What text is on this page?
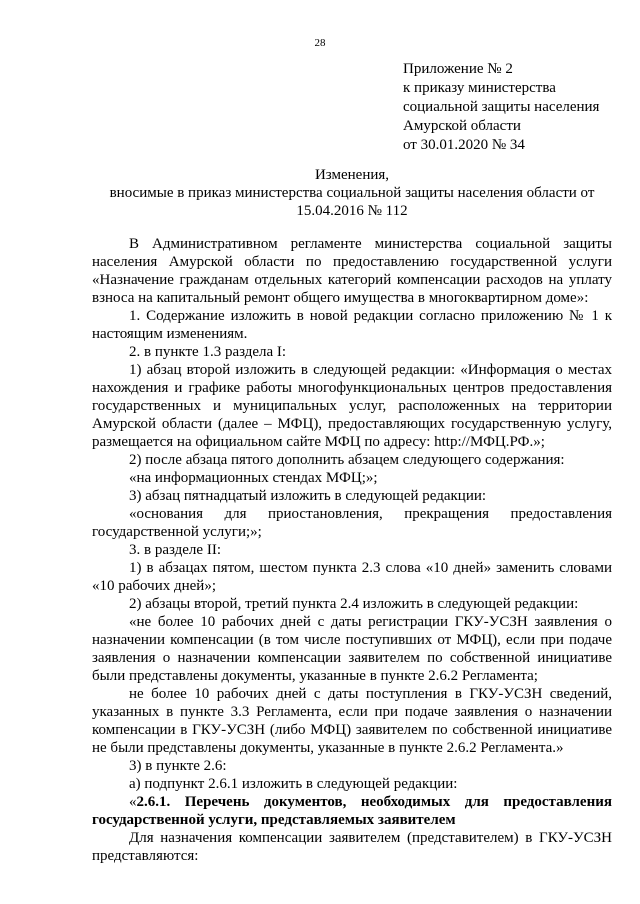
28
Приложение № 2
к приказу министерства
социальной защиты населения
Амурской области
от 30.01.2020 № 34
Изменения,
вносимые в приказ министерства социальной защиты населения области от
15.04.2016 № 112

В Административном регламенте министерства социальной защиты населения Амурской области по предоставлению государственной услуги «Назначение гражданам отдельных категорий компенсации расходов на уплату взноса на капитальный ремонт общего имущества в многоквартирном доме»:

1. Содержание изложить в новой редакции согласно приложению № 1 к настоящим изменениям.

2. в пункте 1.3 раздела I:

1) абзац второй изложить в следующей редакции: «Информация о местах нахождения и графике работы многофункциональных центров предоставления государственных и муниципальных услуг, расположенных на территории Амурской области (далее – МФЦ), предоставляющих государственную услугу, размещается на официальном сайте МФЦ по адресу: http://МФЦ.РФ.»;

2) после абзаца пятого дополнить абзацем следующего содержания:

«на информационных стендах МФЦ;»;

3) абзац пятнадцатый изложить в следующей редакции:

«основания для приостановления, прекращения предоставления государственной услуги;»;

3. в разделе II:

1) в абзацах пятом, шестом пункта 2.3 слова «10 дней» заменить словами «10 рабочих дней»;

2) абзацы второй, третий пункта 2.4 изложить в следующей редакции:

«не более 10 рабочих дней с даты регистрации ГКУ-УСЗН заявления о назначении компенсации (в том числе поступивших от МФЦ), если при подаче заявления о назначении компенсации заявителем по собственной инициативе были представлены документы, указанные в пункте 2.6.2 Регламента;

не более 10 рабочих дней с даты поступления в ГКУ-УСЗН сведений, указанных в пункте 3.3 Регламента, если при подаче заявления о назначении компенсации в ГКУ-УСЗН (либо МФЦ) заявителем по собственной инициативе не были представлены документы, указанные в пункте 2.6.2 Регламента.»

3) в пункте 2.6:

а) подпункт 2.6.1 изложить в следующей редакции:

«2.6.1. Перечень документов, необходимых для предоставления государственной услуги, представляемых заявителем

Для назначения компенсации заявителем (представителем) в ГКУ-УСЗН представляются:
